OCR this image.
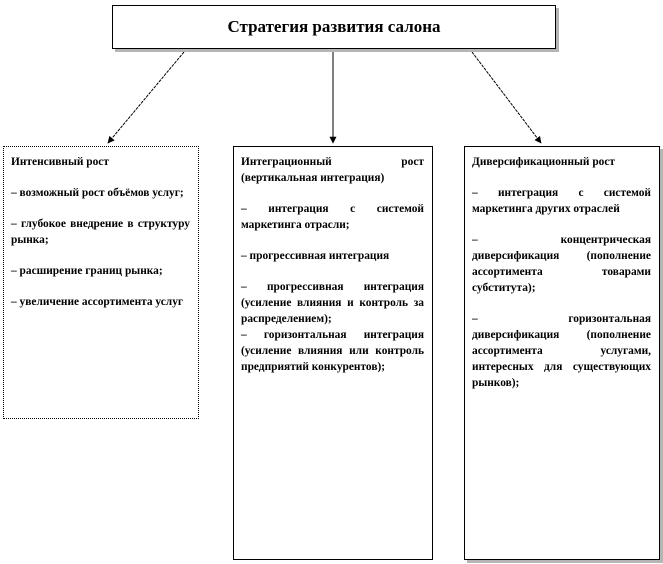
Стратегия развития салона
Интенсивный рост
– возможный рост объёмов услуг;
– глубокое внедрение в структуру рынка;
– расширение границ рынка;
– увеличение ассортимента услуг
Интеграционный рост (вертикальная интеграция)
– интеграция с системой маркетинга отрасли;
– прогрессивная интеграция
– прогрессивная интеграция (усиление влияния и контроль за распределением);
– горизонтальная интеграция (усиление влияния или контроль предприятий конкурентов);
Диверсификационный рост
– интеграция с системой маркетинга других отраслей
– концентрическая диверсификация (пополнение ассортимента товарами субститута);
– горизонтальная диверсификация (пополнение ассортимента услугами, интересных для существующих рынков);
